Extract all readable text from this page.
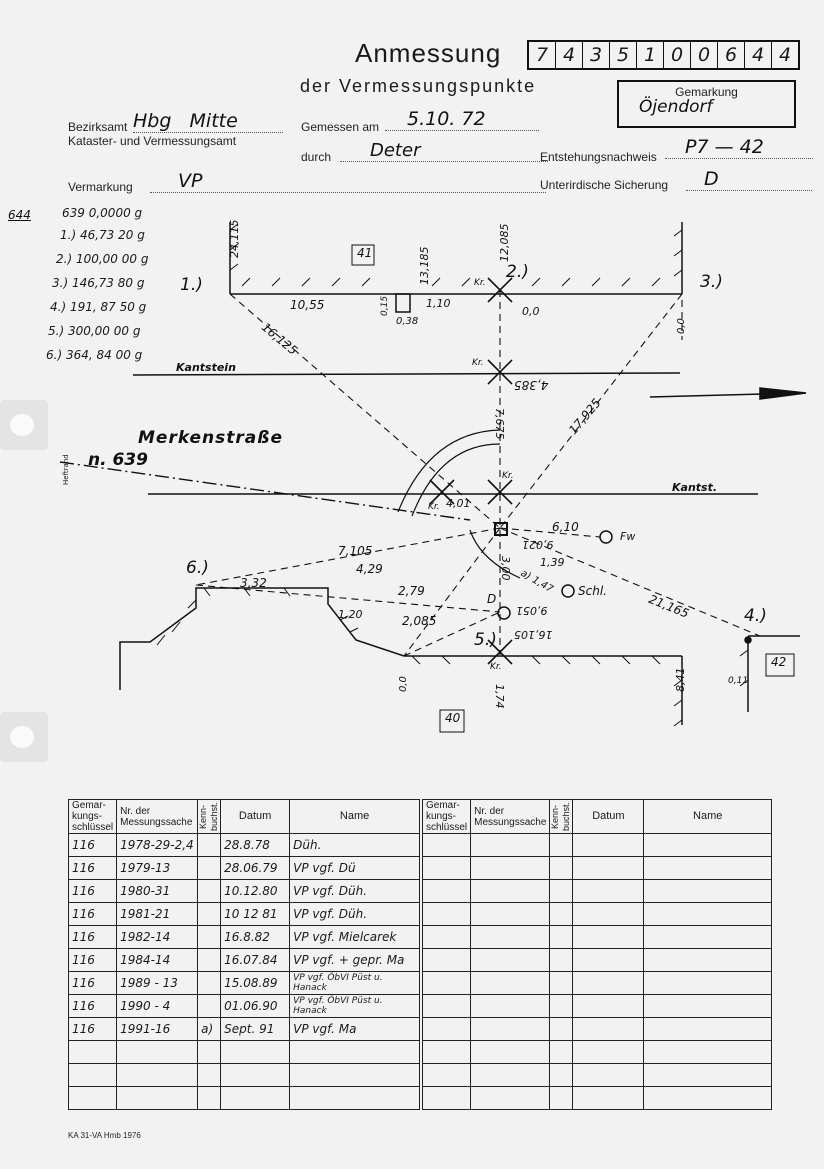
Anmessung
der Vermessungspunkte
7 4 3 5 1 0 0 6 4 4
Gemarkung
Öjendorf
Bezirksamt Hbg   Mitte
Kataster- und Vermessungsamt
Gemessen am	5.10. 72
durch	Deter	Entstehungsnachweis	P7 — 42
Vermarkung	VP	Unterirdische Sicherung	D
644	639 0,0000 g
1.) 46,73 20 g
2.) 100,00 00 g
3.) 146,73 80 g
4.) 191, 87 50 g
5.) 300,00 00 g
6.) 364, 84 00 g
Merkenstraße
n. 639
Kantstein
Kantst.
Heftrand
1.)
2.)	3.)
4.)
5.)
6.)
41
42
40
24,115
10,55	0,15
0,38
1,10
13,185
12,085
0,0
0,0
16,125
4,385
7,675	17,925
4,01
6,10
9,021
7,105
4,29	1,39
3,00 a) 1,47
3,32
2,79
2,085
1,20	9,051
16,105
21,165
1,74
8,41	0,11
0,0
Kr.
Kr.
Kr.
Kr.
Kr.
Fw
Schl.
D
Gemar- kungs- schlüssel	Nr. der Messungssache	Kenn- buchst.	Datum	Name
116	1978-29-2,4		28.8.78	Düh.
116	1979-13		28.06.79	VP vgf. Dü
116	1980-31		10.12.80	VP vgf. Düh.
116	1981-21		10 12 81	VP vgf. Düh.
116	1982-14		16.8.82	VP vgf. Mielcarek
116	1984-14		16.07.84	VP vgf. + gepr. Ma
116	1989 - 13		15.08.89	VP vgf. ÖbVI Püst u. Hanack
116	1990 - 4		01.06.90	VP vgf. ÖbVI Püst u. Hanack
116	1991-16	a)	Sept. 91	VP vgf. Ma

Gemar- kungs- schlüssel	Nr. der Messungssache	Kenn- buchst.	Datum	Name

KA 31-VA Hmb 1976
